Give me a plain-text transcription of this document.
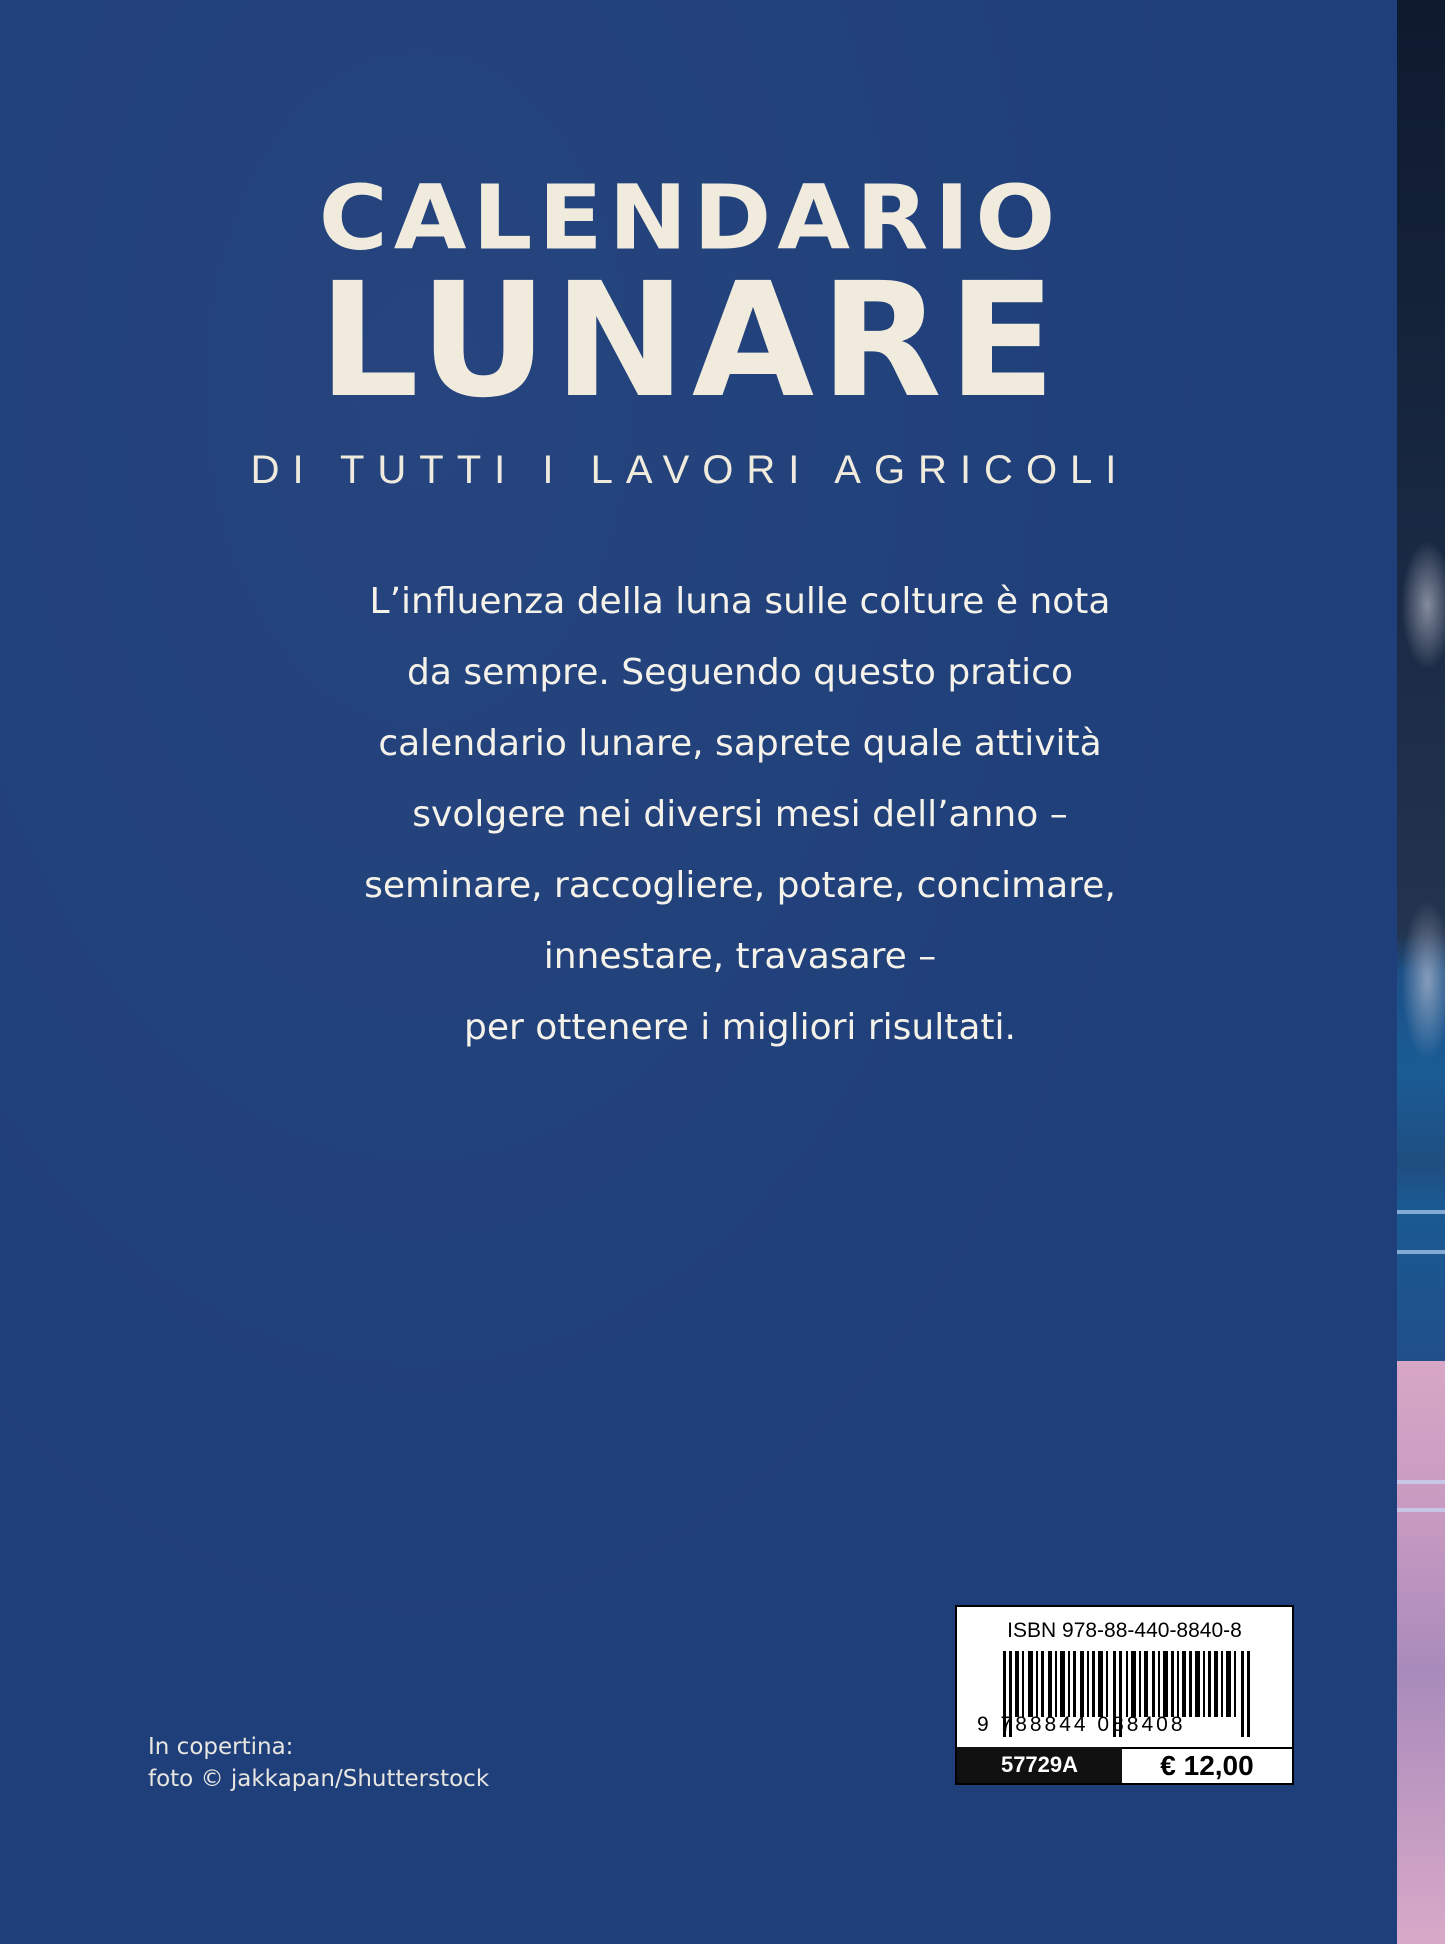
CALENDARIO
LUNARE
DI TUTTI I LAVORI AGRICOLI
L’influenza della luna sulle colture è nota
da sempre. Seguendo questo pratico
calendario lunare, saprete quale attività
svolgere nei diversi mesi dell’anno –
seminare, raccogliere, potare, concimare,
innestare, travasare –
per ottenere i migliori risultati.
In copertina:
foto © jakkapan/Shutterstock
ISBN 978-88-440-8840-8
9 788844 088408
57729A	€ 12,00
